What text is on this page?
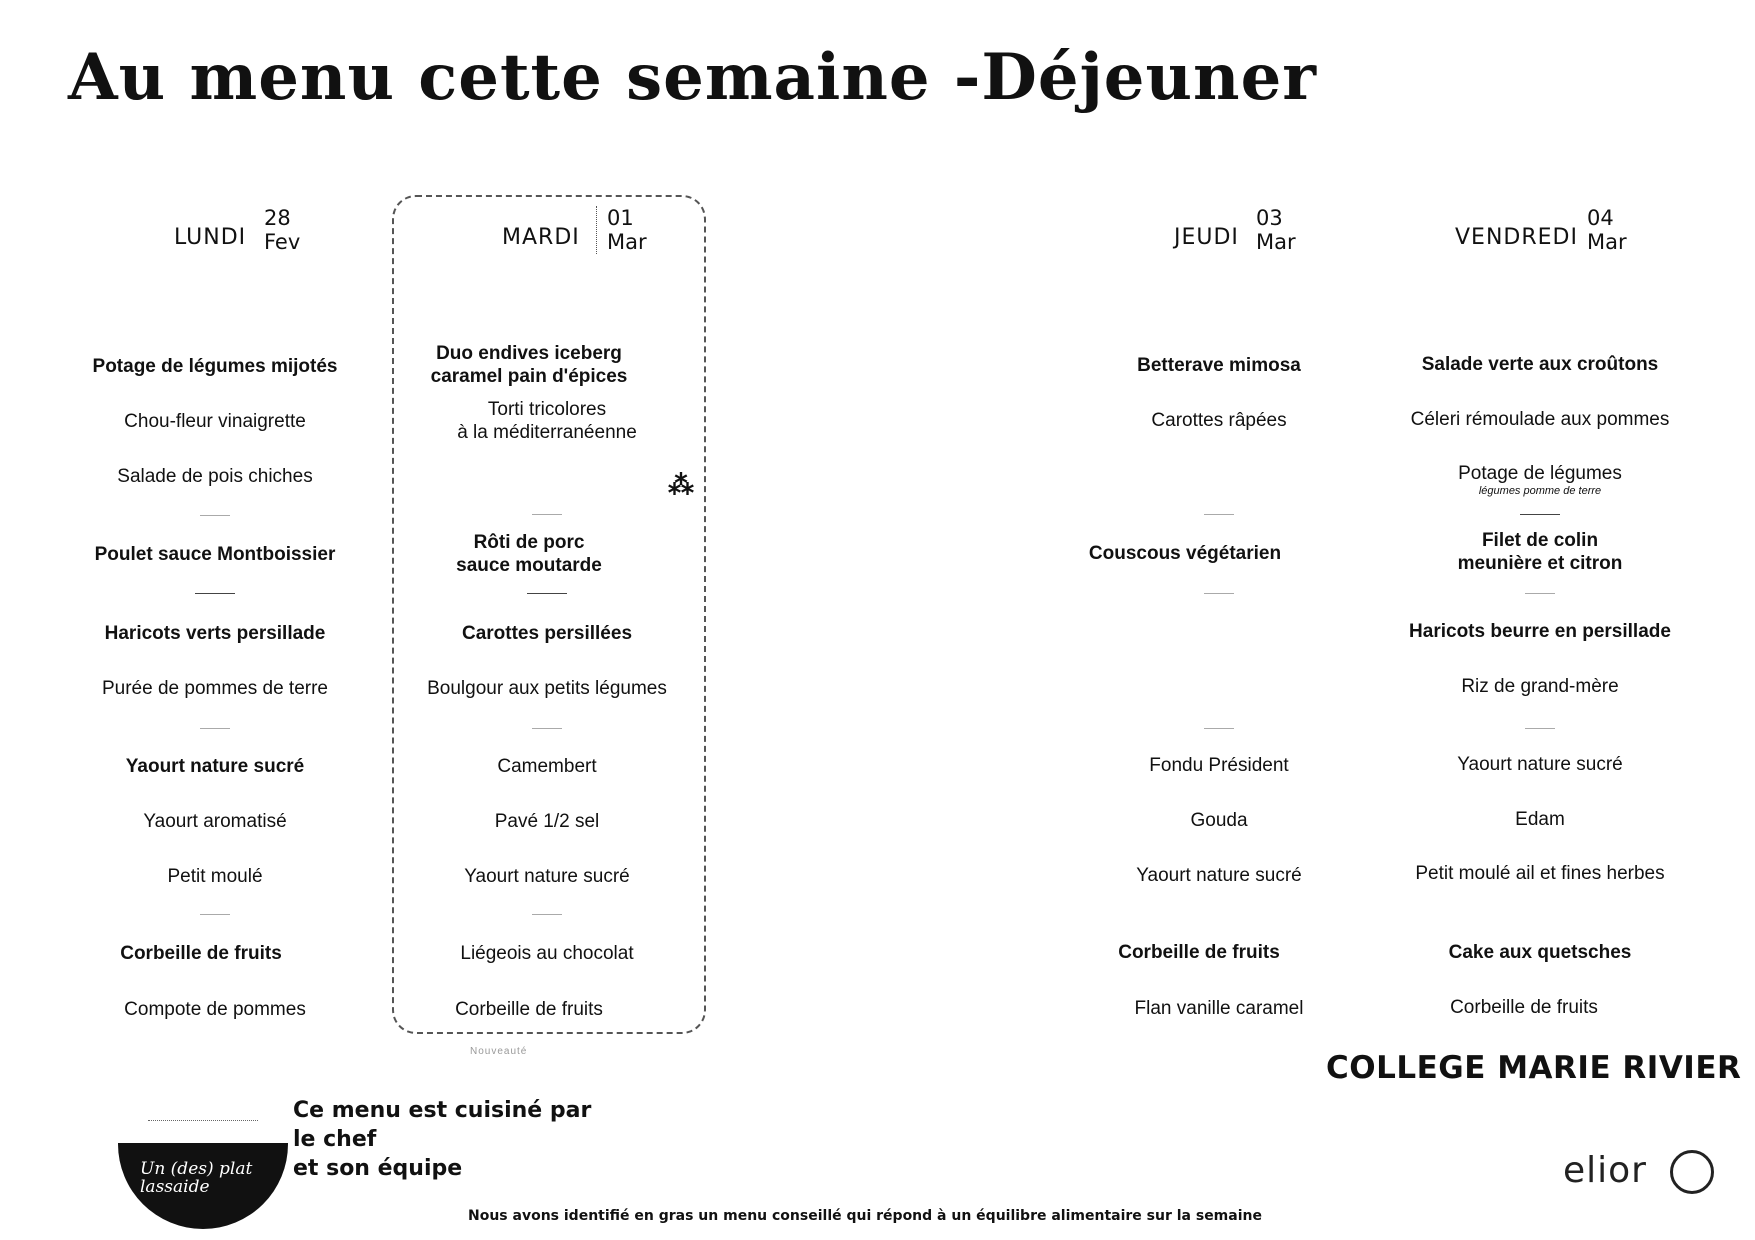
Au menu cette semaine -Déjeuner
LUNDI
28
Fev
Potage de légumes mijotés
Chou-fleur vinaigrette
Salade de pois chiches
Poulet sauce Montboissier
Haricots verts persillade
Purée de pommes de terre
Yaourt nature sucré
Yaourt aromatisé
Petit moulé
Corbeille de fruits
Compote de pommes
MARDI
01
Mar
Duo endives iceberg
caramel pain d'épices
Torti tricolores
à la méditerranéenne
Rôti de porc
sauce moutarde
Carottes persillées
Boulgour aux petits légumes
Camembert
Pavé 1/2 sel
Yaourt nature sucré
Liégeois au chocolat
Corbeille de fruits
⁂
JEUDI
03
Mar
Betterave mimosa
Carottes râpées
Couscous végétarien
Fondu Président
Gouda
Yaourt nature sucré
Corbeille de fruits
Flan vanille caramel
VENDREDI
04
Mar
Salade verte aux croûtons
Céleri rémoulade aux pommes
Potage de légumes
légumes pomme de terre
Filet de colin
meunière et citron
Haricots beurre en persillade
Riz de grand-mère
Yaourt nature sucré
Edam
Petit moulé ail et fines herbes
Cake aux quetsches
Corbeille de fruits
Nouveauté	COLLEGE MARIE RIVIER
Un (des) plat
lassaide
Ce menu est cuisiné par
le chef
et son équipe	elior
Nous avons identifié en gras un menu conseillé qui répond à un équilibre alimentaire sur la semaine
